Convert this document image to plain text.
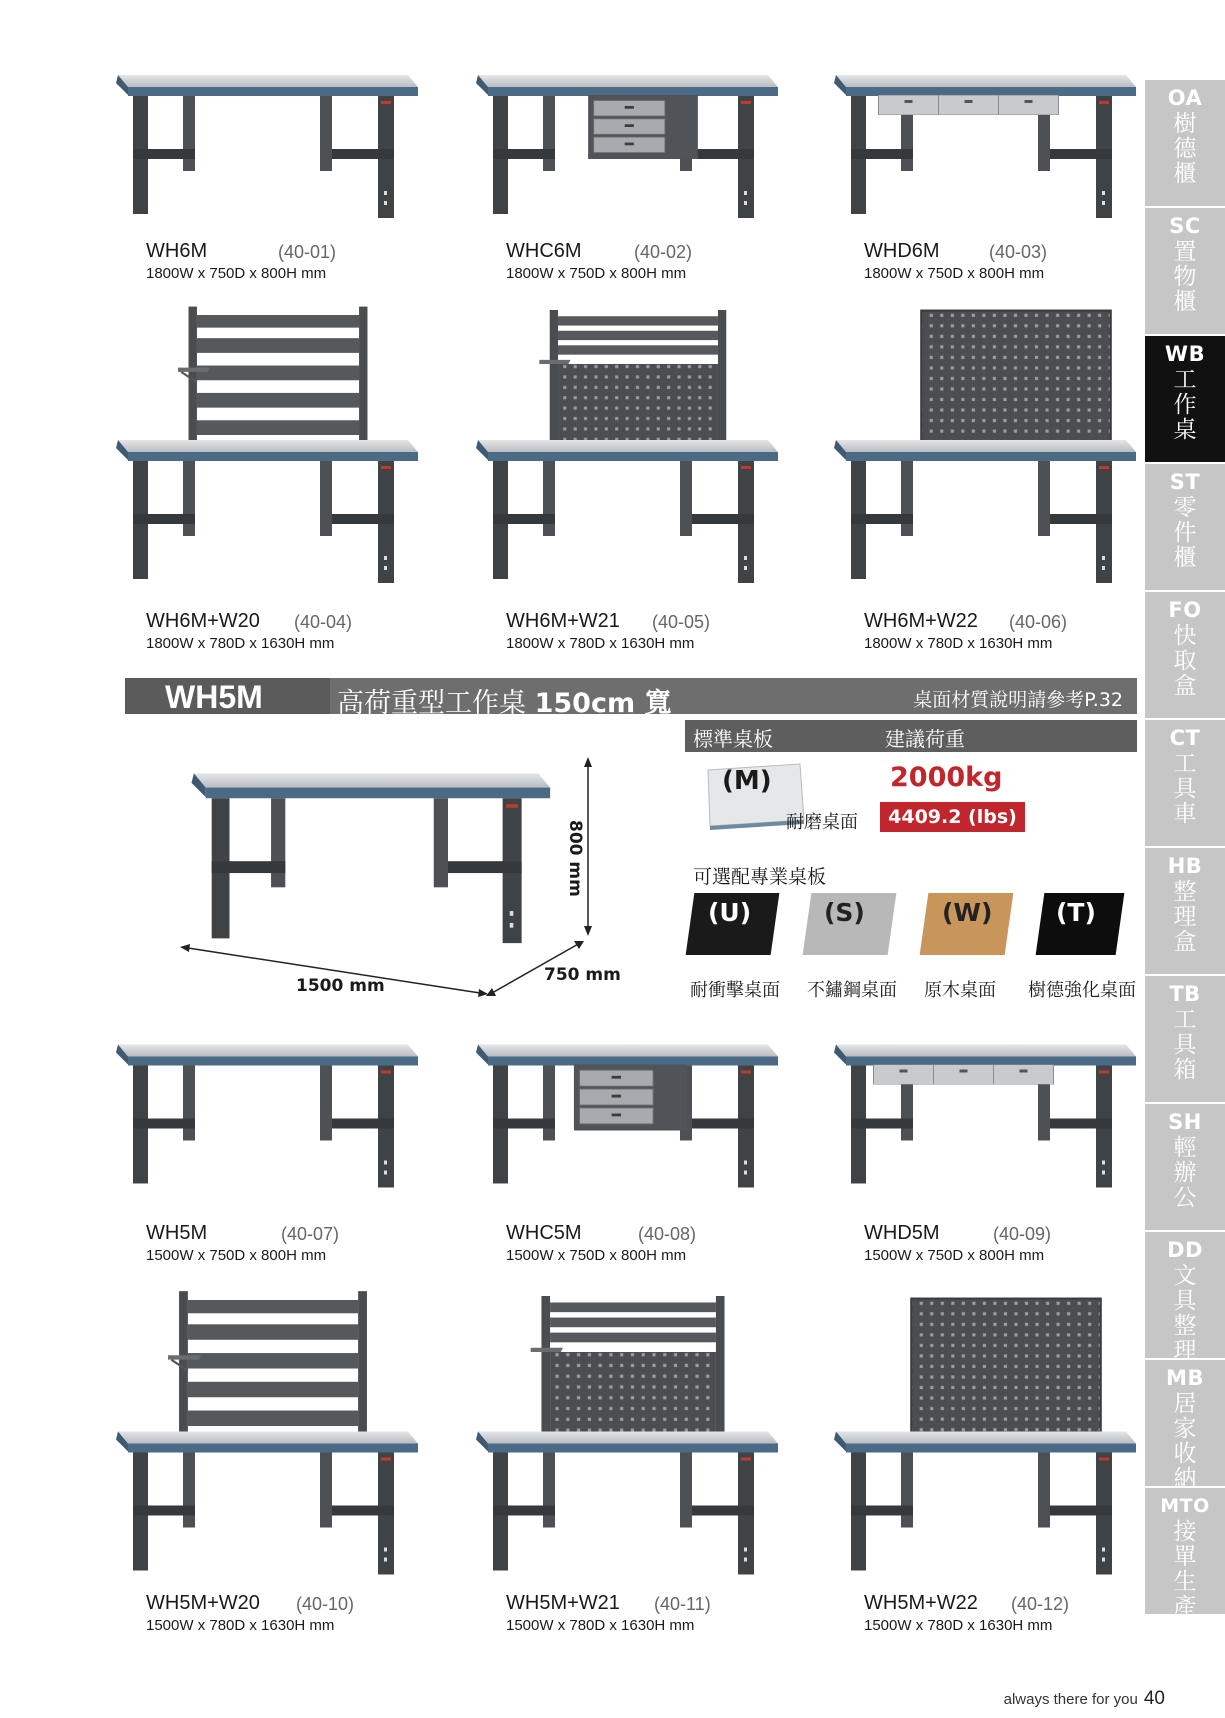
OA
樹德櫃
SC
置物櫃
WB
工作桌
ST
零件櫃
FO
快取盒
CT
工具車
HB
整理盒
TB
工具箱
SH
輕辦公
DD
文具整理
MB
居家收納
MTO
接單生產
WH6M	(40-01)
1800W x 750D x 800H mm
WHC6M	(40-02)
1800W x 750D x 800H mm
WHD6M	(40-03)
1800W x 750D x 800H mm
WH6M+W20 (40-04)
1800W x 780D x 1630H mm
WH6M+W21 (40-05)
1800W x 780D x 1630H mm
WH6M+W22 (40-06)
1800W x 780D x 1630H mm
WH5M	高荷重型工作桌 150cm 寬	桌面材質說明請參考P.32
標準桌板	建議荷重
800 mm
1500 mm
750 mm
(M)
耐磨桌面
2000kg
4409.2 (lbs)
可選配專業桌板
(U)
耐衝擊桌面
(S)
不鏽鋼桌面
(W)
原木桌面
(T)
樹德強化桌面
WH5M	(40-07)
1500W x 750D x 800H mm
WHC5M	(40-08)
1500W x 750D x 800H mm
WHD5M	(40-09)
1500W x 750D x 800H mm
WH5M+W20 (40-10)
1500W x 780D x 1630H mm
WH5M+W21 (40-11)
1500W x 780D x 1630H mm
WH5M+W22 (40-12)
1500W x 780D x 1630H mm
always there for you 40
